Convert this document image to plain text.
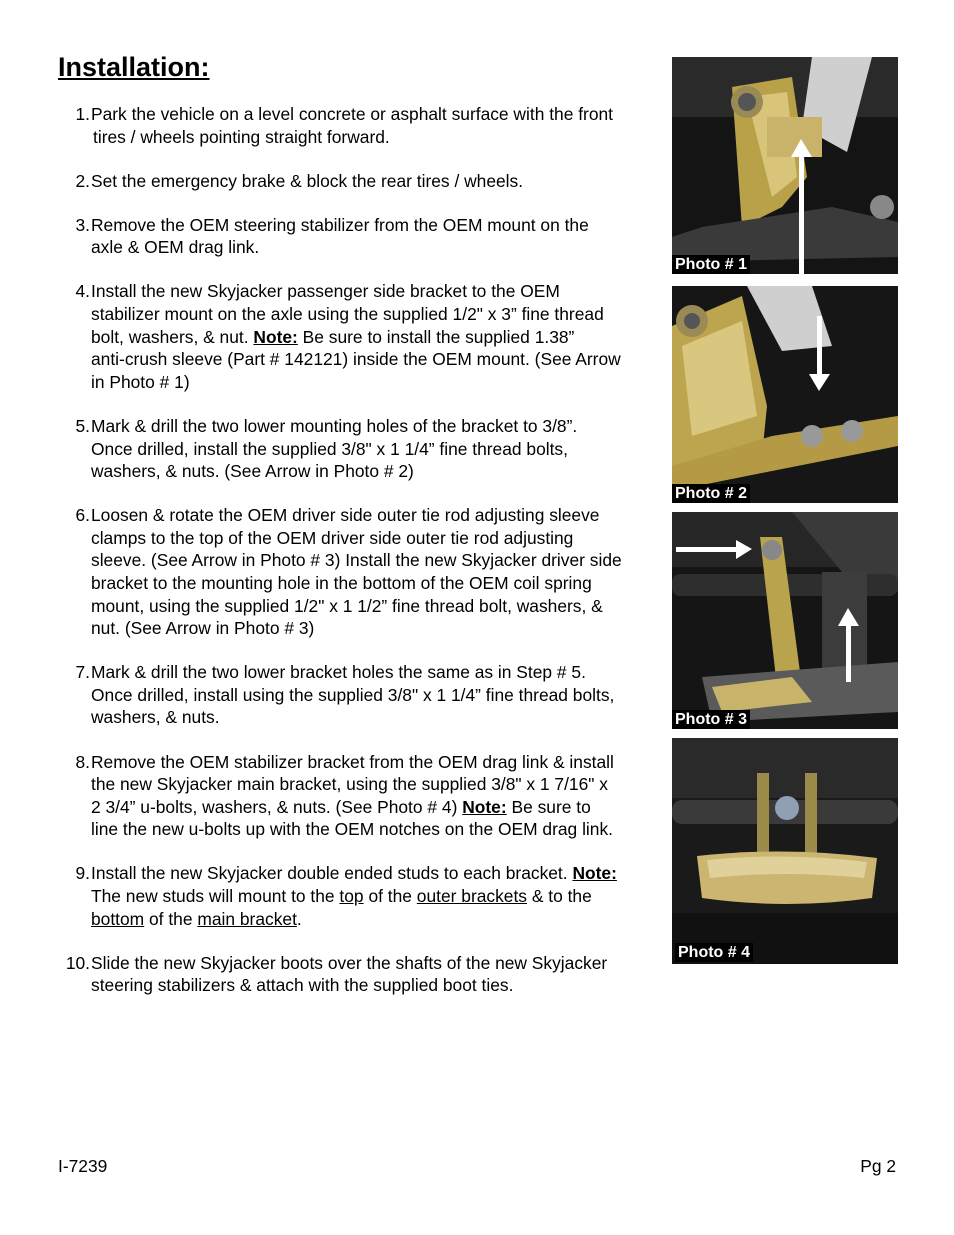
Installation:
1. Park the vehicle on a level concrete or asphalt surface with the front
tires / wheels pointing straight forward.
2. Set the emergency brake & block the rear tires / wheels.
3. Remove the OEM steering stabilizer from the OEM mount on the
axle & OEM drag link.
4. Install the new Skyjacker passenger side bracket to the OEM
stabilizer mount on the axle using the supplied 1/2" x 3” fine thread
bolt, washers, & nut. Note: Be sure to install the supplied 1.38”
anti-crush sleeve (Part # 142121) inside the OEM mount. (See Arrow
in Photo # 1)
5. Mark & drill the two lower mounting holes of the bracket to 3/8”.
Once drilled, install the supplied 3/8" x 1 1/4” fine thread bolts,
washers, & nuts. (See Arrow in Photo # 2)
6. Loosen & rotate the OEM driver side outer tie rod adjusting sleeve
clamps to the top of the OEM driver side outer tie rod adjusting
sleeve. (See Arrow in Photo # 3) Install the new Skyjacker driver side
bracket to the mounting hole in the bottom of the OEM coil spring
mount, using the supplied 1/2" x 1 1/2” fine thread bolt, washers, &
nut. (See Arrow in Photo # 3)
7. Mark & drill the two lower bracket holes the same as in Step # 5.
Once drilled, install using the supplied 3/8" x 1 1/4” fine thread bolts,
washers, & nuts.
8. Remove the OEM stabilizer bracket from the OEM drag link & install
the new Skyjacker main bracket, using the supplied 3/8" x 1 7/16" x
2 3/4” u-bolts, washers, & nuts. (See Photo # 4) Note: Be sure to
line the new u-bolts up with the OEM notches on the OEM drag link.
9. Install the new Skyjacker double ended studs to each bracket. Note:
The new studs will mount to the top of the outer brackets & to the
bottom of the main bracket.
10. Slide the new Skyjacker boots over the shafts of the new Skyjacker
steering stabilizers & attach with the supplied boot ties.
Photo # 1
Photo # 2
Photo # 3
Photo # 4
I-7239	Pg 2
